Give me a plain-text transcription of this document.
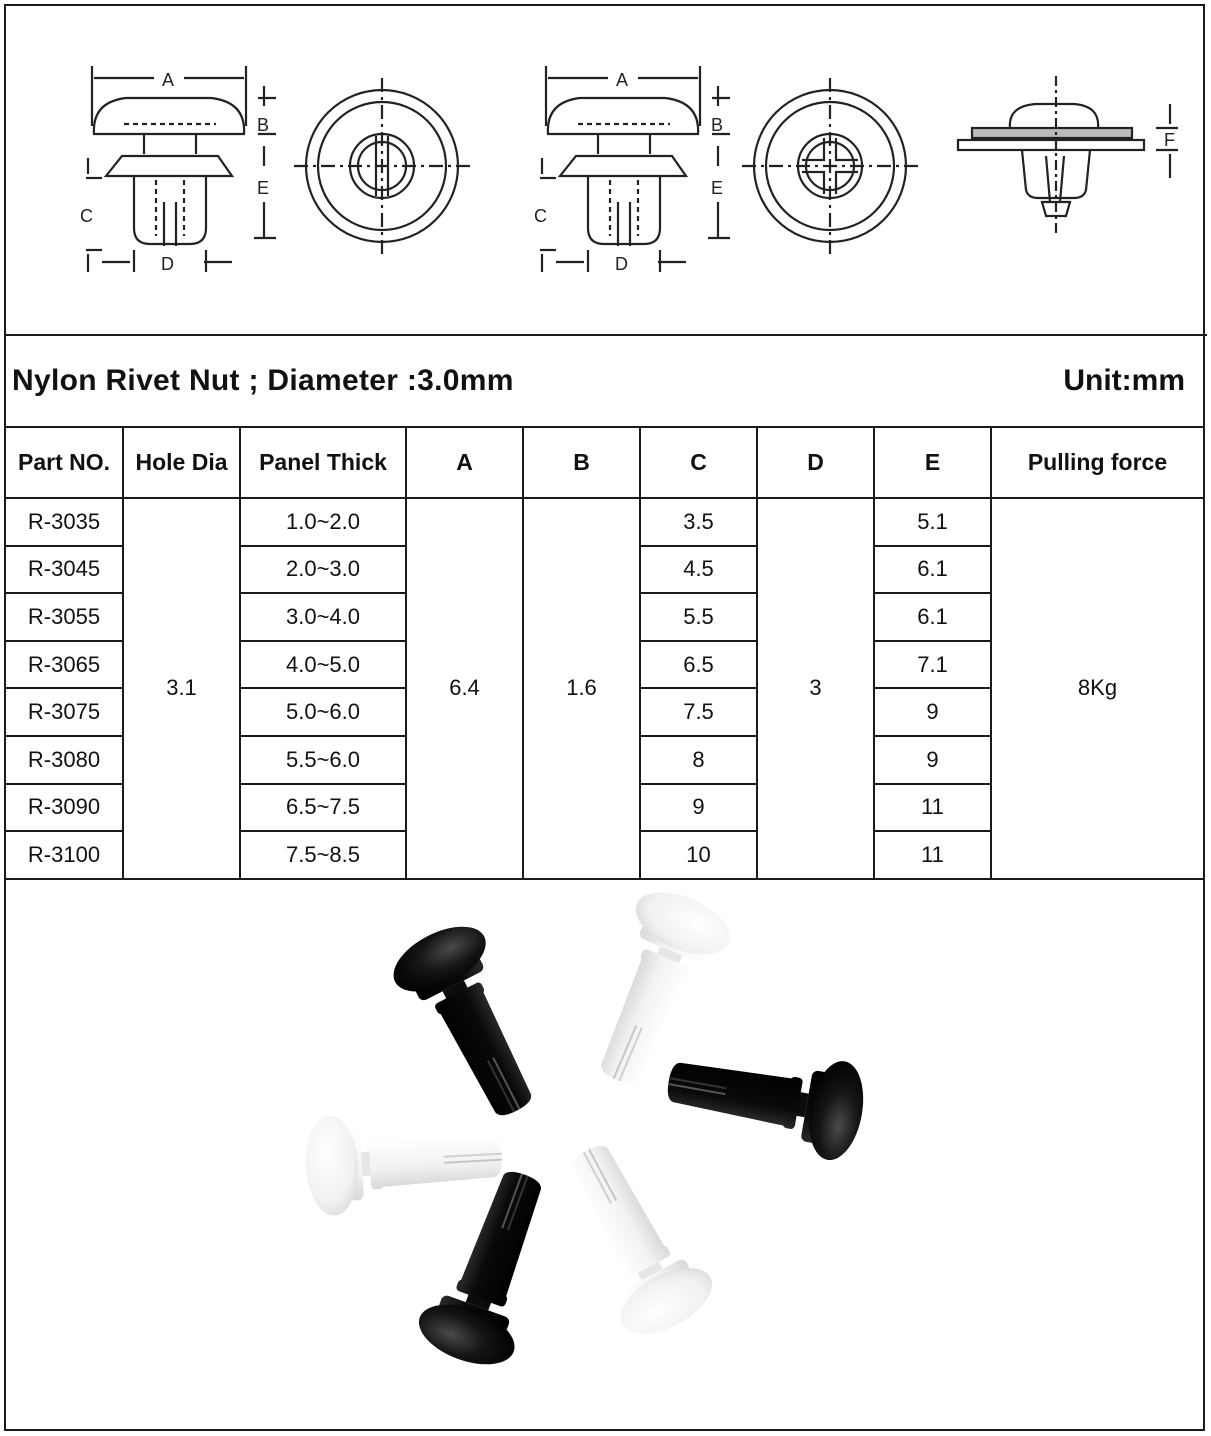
A
B
E
C
D
A
B
E
C
D
F
Nylon Rivet Nut ; Diameter :3.0mm	Unit:mm
Part NO.	Hole Dia	Panel Thick	A	B	C	D	E	Pulling force
R-3035	3.1	1.0~2.0	6.4	1.6	3.5	3	5.1	8Kg
R-3045		2.0~3.0			4.5		6.1	
R-3055		3.0~4.0			5.5		6.1	
R-3065		4.0~5.0			6.5		7.1	
R-3075		5.0~6.0			7.5		9	
R-3080		5.5~6.0			8		9	
R-3090		6.5~7.5			9		11	
R-3100		7.5~8.5			10		11	
